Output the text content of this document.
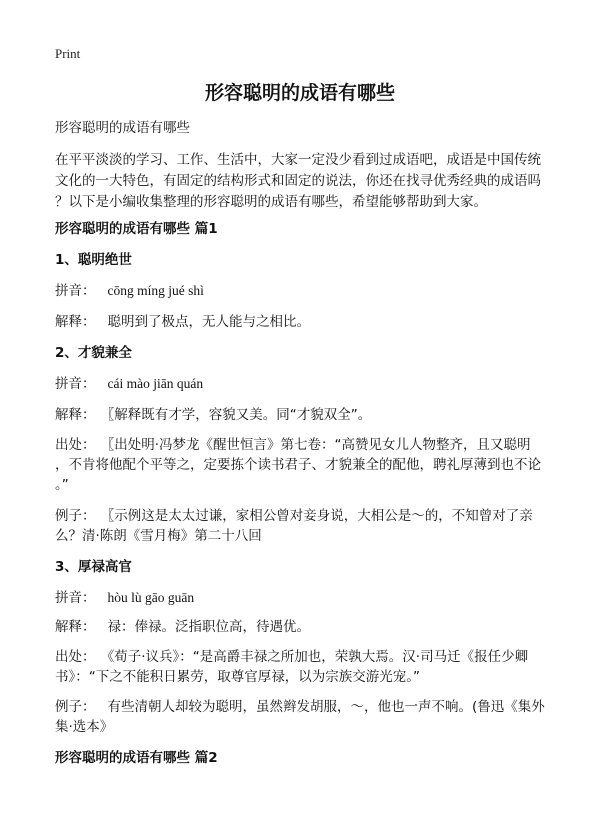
Print
形容聪明的成语有哪些
形容聪明的成语有哪些
在平平淡淡的学习、工作、生活中，大家一定没少看到过成语吧，成语是中国传统
文化的一大特色，有固定的结构形式和固定的说法，你还在找寻优秀经典的成语吗
？以下是小编收集整理的形容聪明的成语有哪些，希望能够帮助到大家。
形容聪明的成语有哪些 篇1
1、聪明绝世
拼音： cōng míng jué shì
解释： 聪明到了极点，无人能与之相比。
2、才貌兼全
拼音： cái mào jiān quán
解释： 〖解释既有才学，容貌又美。同“才貌双全”。
出处： 〖出处明·冯梦龙《醒世恒言》第七卷：“高赞见女儿人物整齐，且又聪明
，不肯将他配个平等之，定要拣个读书君子、才貌兼全的配他，聘礼厚薄到也不论
。”
例子： 〖示例这是太太过谦，家相公曾对妾身说，大相公是～的，不知曾对了亲
么？清·陈朗《雪月梅》第二十八回
3、厚禄高官
拼音： hòu lù gāo guān
解释： 禄：俸禄。泛指职位高，待遇优。
出处： 《荀子·议兵》：“是高爵丰禄之所加也，荣孰大焉。汉·司马迁《报任少卿
书》：“下之不能积日累劳，取尊官厚禄，以为宗族交游光宠。”
例子： 有些清朝人却较为聪明，虽然辫发胡服，～，他也一声不响。(鲁迅《集外
集·选本》
形容聪明的成语有哪些 篇2
